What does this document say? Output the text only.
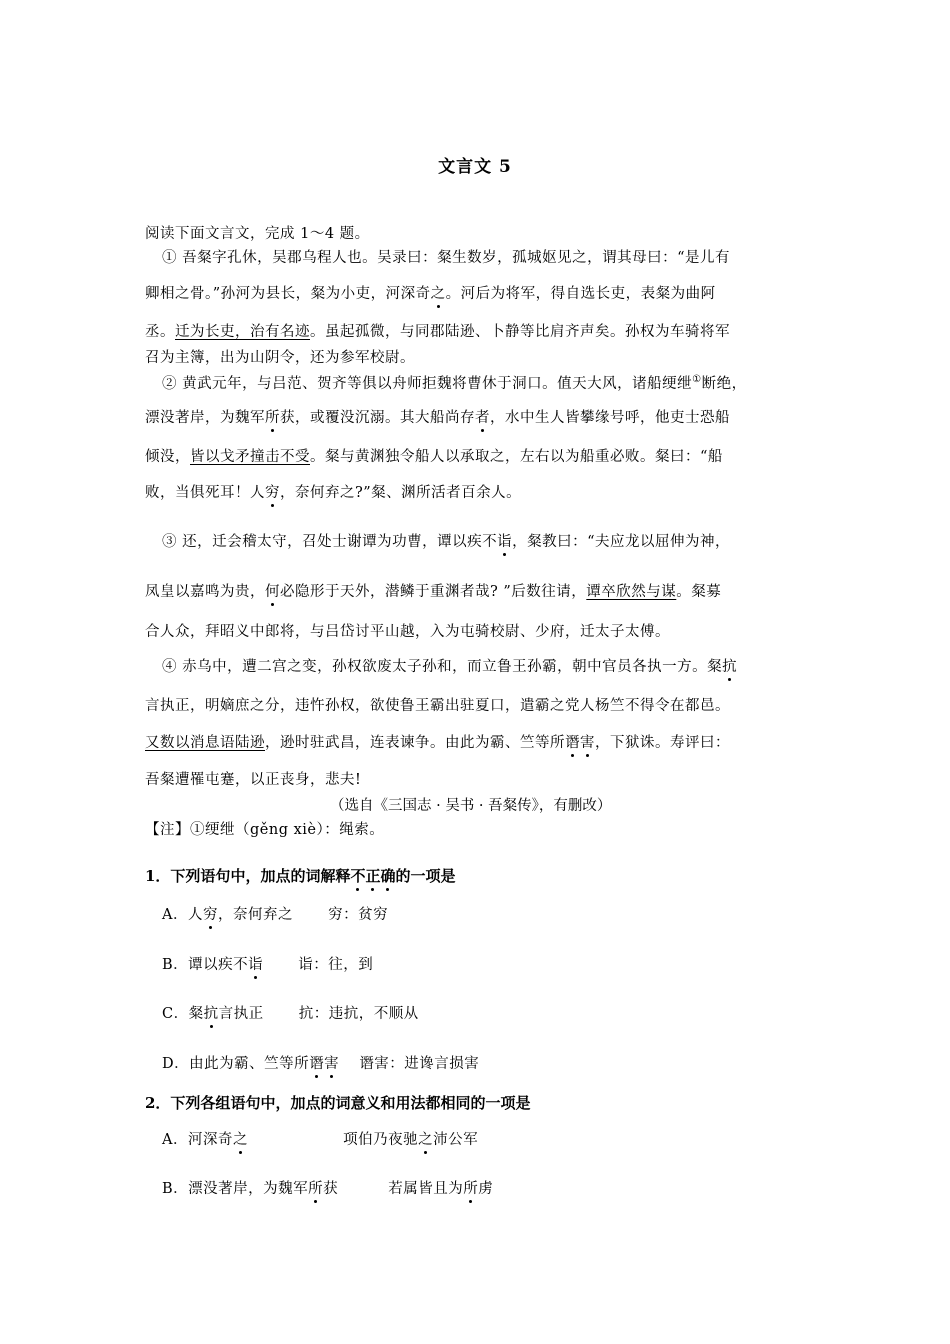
文言文 5
阅读下面文言文，完成 1～4 题。
① 吾粲字孔休，吴郡乌程人也。吴录曰：粲生数岁，孤城妪见之，谓其母曰：“是儿有
卿相之骨。”孙河为县长，粲为小吏，河深奇之。河后为将军，得自选长吏，表粲为曲阿
丞。迁为长吏，治有名迹。虽起孤微，与同郡陆逊、卜静等比肩齐声矣。孙权为车骑将军
召为主簿，出为山阴令，还为参军校尉。
② 黄武元年，与吕范、贺齐等俱以舟师拒魏将曹休于洞口。值天大风，诸船绠绁①断绝，
漂没著岸，为魏军所获，或覆没沉溺。其大船尚存者，水中生人皆攀缘号呼，他吏士恐船
倾没，皆以戈矛撞击不受。粲与黄渊独令船人以承取之，左右以为船重必败。粲曰：“船
败，当俱死耳！人穷，奈何弃之?”粲、渊所活者百余人。
③ 还，迁会稽太守，召处士谢谭为功曹，谭以疾不诣，粲教曰：“夫应龙以屈伸为神，
凤皇以嘉鸣为贵，何必隐形于天外，潜鳞于重渊者哉? ”后数往请，谭卒欣然与谋。粲募
合人众，拜昭义中郎将，与吕岱讨平山越，入为屯骑校尉、少府，迁太子太傅。
④ 赤乌中，遭二宫之变，孙权欲废太子孙和，而立鲁王孙霸，朝中官员各执一方。粲抗
言执正，明嫡庶之分，违忤孙权，欲使鲁王霸出驻夏口，遣霸之党人杨竺不得令在都邑。
又数以消息语陆逊，逊时驻武昌，连表谏争。由此为霸、竺等所谮害，下狱诛。寿评曰：
吾粲遭罹屯蹇，以正丧身，悲夫!
（选自《三国志 · 吴书 · 吾粲传》，有删改）
【注】①绠绁（gěng xiè）：绳索。
1．下列语句中，加点的词解释不正确的一项是
A．人穷，奈何弃之　　 穷：贫穷
B．谭以疾不诣　　 诣：往，到
C．粲抗言执正　　 抗：违抗，不顺从
D．由此为霸、竺等所谮害　 谮害：进谗言损害
2．下列各组语句中，加点的词意义和用法都相同的一项是
A．河深奇之　　　　　　 项伯乃夜驰之沛公军
B．漂没著岸，为魏军所获　　　 若属皆且为所虏
